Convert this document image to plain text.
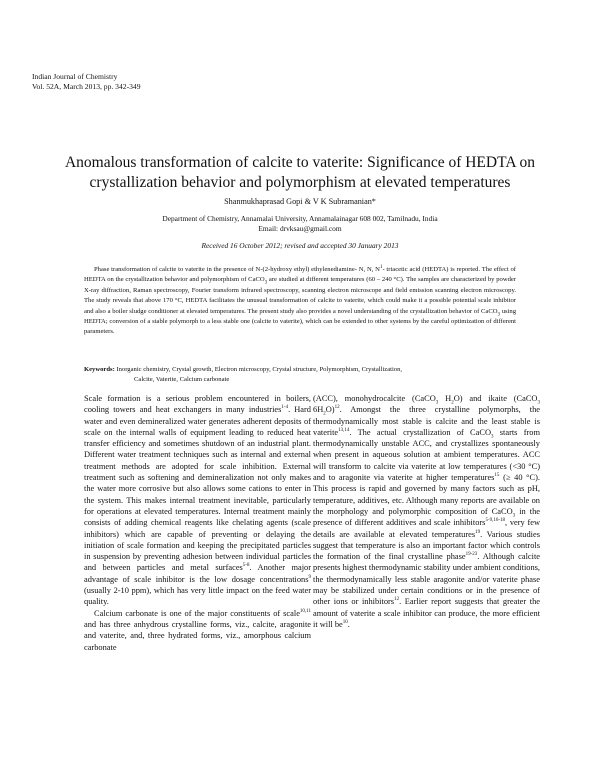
Indian Journal of Chemistry
Vol. 52A, March 2013, pp. 342-349
Anomalous transformation of calcite to vaterite: Significance of HEDTA on
crystallization behavior and polymorphism at elevated temperatures
Shanmukhaprasad Gopi & V K Subramanian*
Department of Chemistry, Annamalai University, Annamalainagar 608 002, Tamilnadu, India
Email: drvksau@gmail.com
Received 16 October 2012; revised and accepted 30 January 2013
Phase transformation of calcite to vaterite in the presence of N-(2-hydroxy ethyl) ethylenediamine- N, N, $N^1-$ triacetic acid (HEDTA) is reported. The effect of HEDTA on the crystallization behavior and polymorphism of CaCO$_3$ are studied at different temperatures (60 – 240 °C). The samples are characterized by powder X-ray diffraction, Raman spectroscopy, Fourier transform infrared spectroscopy, scanning electron microscope and field emission scanning electron microscopy. The study reveals that above 170 °C, HEDTA facilitates the unusual transformation of calcite to vaterite, which could make it a possible potential scale inhibitor and also a boiler sludge conditioner at elevated temperatures. The present study also provides a novel understanding of the crystallization behavior of CaCO$_3$ using HEDTA; conversion of a stable polymorph to a less stable one (calcite to vaterite), which can be extended to other systems by the careful optimization of different parameters.
Keywords: Inorganic chemistry, Crystal growth, Electron microscopy, Crystal structure, Polymorphism, Crystallization,
Calcite, Vaterite, Calcium carbonate

Scale formation is a serious problem encountered in boilers, cooling towers and heat exchangers in many industries$^{1-4}$. Hard water and even demineralized water generates adherent deposits of scale on the internal walls of equipment leading to reduced heat transfer efficiency and sometimes shutdown of an industrial plant. Different water treatment techniques such as internal and external treatment methods are adopted for scale inhibition. External treatment such as softening and demineralization not only makes the water more corrosive but also allows some cations to enter in the system. This makes internal treatment inevitable, particularly for operations at elevated temperatures. Internal treatment mainly consists of adding chemical reagents like chelating agents (scale inhibitors) which are capable of preventing or delaying the initiation of scale formation and keeping the precipitated particles in suspension by preventing adhesion between individual particles and between particles and metal surfaces$^{5-8}$. Another major advantage of scale inhibitor is the low dosage concentrations$^9$ (usually 2-10 ppm), which has very little impact on the feed water quality.

Calcium carbonate is one of the major constituents of scale$^{10,11}$ and has three anhydrous crystalline forms, viz., calcite, aragonite and vaterite, and, three hydrated forms, viz., amorphous calcium carbonate

(ACC), monohydrocalcite (CaCO$_3$ $H_2O$) and ikaite (CaCO$_3$ $6H_2O)^{12}$. Amongst the three crystalline polymorphs, the thermodynamically most stable is calcite and the least stable is vaterite$^{13,14}$. The actual crystallization of CaCO$_3$ starts from thermodynamically unstable ACC, and crystallizes spontaneously when present in aqueous solution at ambient temperatures. ACC will transform to calcite via vaterite at low temperatures (<30 °C) and to aragonite via vaterite at higher temperatures$^{15}$ (≥ 40 °C). This process is rapid and governed by many factors such as pH, temperature, additives, etc. Although many reports are available on the morphology and polymorphic composition of CaCO$_3$ in the presence of different additives and scale inhibitors$^{5-9,16-18}$, very few details are available at elevated temperatures$^{19}$. Various studies suggest that temperature is also an important factor which controls the formation of the final crystalline phase$^{19-23}$. Although calcite presents highest thermodynamic stability under ambient conditions, the thermodynamically less stable aragonite and/or vaterite phase may be stabilized under certain conditions or in the presence of other ions or inhibitors$^{12}$. Earlier report suggests that greater the amount of vaterite a scale inhibitor can produce, the more efficient it will $be^{10}$.
